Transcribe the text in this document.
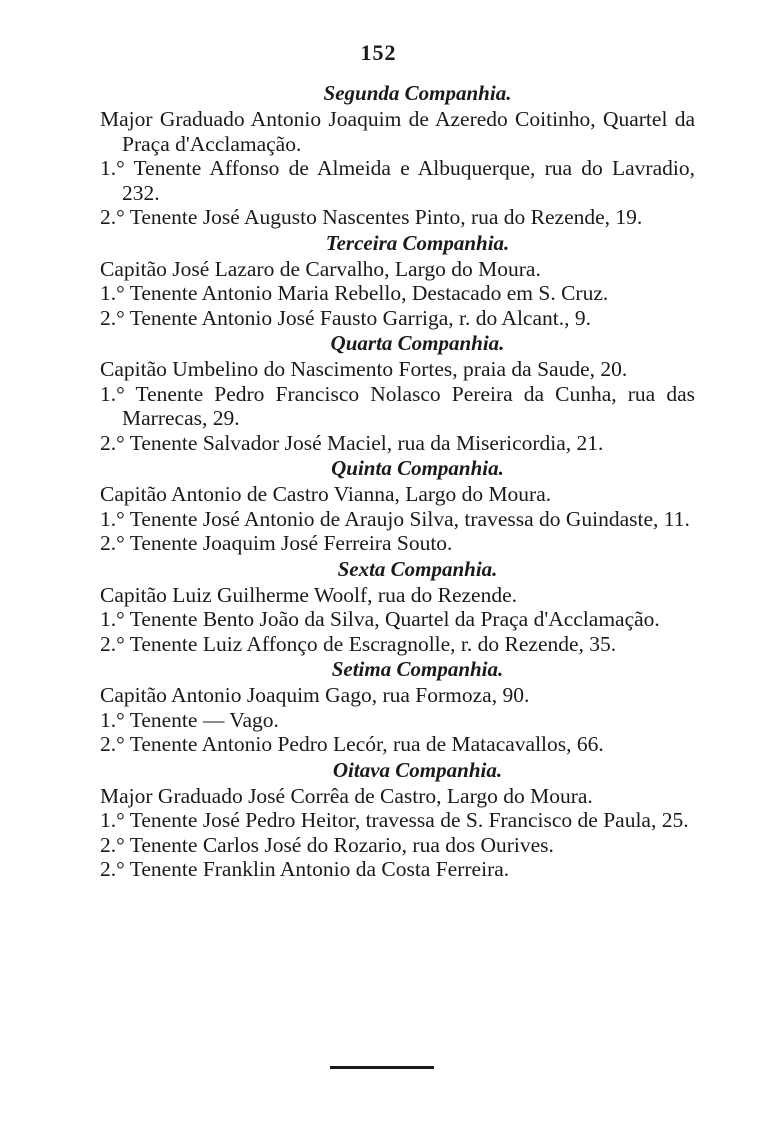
152
Segunda Companhia.

Major Graduado Antonio Joaquim de Azeredo Coitinho, Quartel da Praça d'Acclamação.

1.° Tenente Affonso de Almeida e Albuquerque, rua do Lavradio, 232.

2.° Tenente José Augusto Nascentes Pinto, rua do Rezende, 19.

Terceira Companhia.

Capitão José Lazaro de Carvalho, Largo do Moura.

1.° Tenente Antonio Maria Rebello, Destacado em S. Cruz.

2.° Tenente Antonio José Fausto Garriga, r. do Alcant., 9.

Quarta Companhia.

Capitão Umbelino do Nascimento Fortes, praia da Saude, 20.

1.° Tenente Pedro Francisco Nolasco Pereira da Cunha, rua das Marrecas, 29.

2.° Tenente Salvador José Maciel, rua da Misericordia, 21.

Quinta Companhia.

Capitão Antonio de Castro Vianna, Largo do Moura.

1.° Tenente José Antonio de Araujo Silva, travessa do Guindaste, 11.

2.° Tenente Joaquim José Ferreira Souto.

Sexta Companhia.

Capitão Luiz Guilherme Woolf, rua do Rezende.

1.° Tenente Bento João da Silva, Quartel da Praça d'Acclamação.

2.° Tenente Luiz Affonço de Escragnolle, r. do Rezende, 35.

Setima Companhia.

Capitão Antonio Joaquim Gago, rua Formoza, 90.

1.° Tenente — Vago.

2.° Tenente Antonio Pedro Lecór, rua de Matacavallos, 66.

Oitava Companhia.

Major Graduado José Corrêa de Castro, Largo do Moura.

1.° Tenente José Pedro Heitor, travessa de S. Francisco de Paula, 25.

2.° Tenente Carlos José do Rozario, rua dos Ourives.

2.° Tenente Franklin Antonio da Costa Ferreira.
